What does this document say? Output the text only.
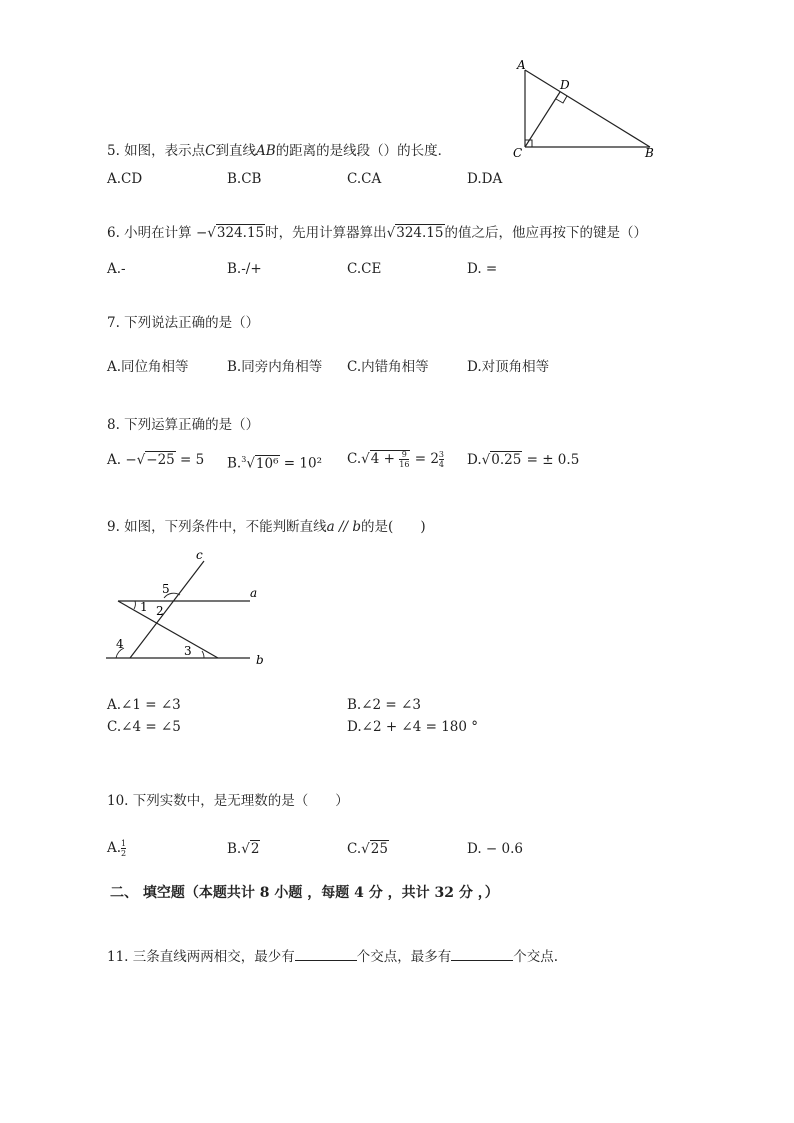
A
D
C	B
5. 如图，表示点C到直线AB的距离的是线段（）的长度．
A.CD	B.CB	C.CA	D.DA
6. 小明在计算 −√324.15时，先用计算器算出√324.15的值之后，他应再按下的键是（）
A.-	B.-/+	C.CE	D. =
7. 下列说法正确的是（）
A.同位角相等	B.同旁内角相等 C.内错角相等	D.对顶角相等
8. 下列运算正确的是（）
A. −√−25 = 5 B.$^3$√10⁶ = 10² $C.√4 + \frac{9}{16} = 2 \frac{3}{4} D.√0.25$ = ± 0.5
9. 如图，下列条件中，不能判断直线a // b的是(　　)
c
a
b
1 2
5
4	3
A.∠1 = ∠3	B.∠2 = ∠3
C.∠4 = ∠5	D.∠2 + ∠4 = 180 °
10. 下列实数中，是无理数的是（　　）
A. $\frac{1}{2}$	B.√2	C.√25	D. − 0.6
二、 填空题（本题共计 8 小题 ，每题 4 分 ，共计 32 分 ，）
11. 三条直线两两相交，最少有	个交点，最多有	个交点.
